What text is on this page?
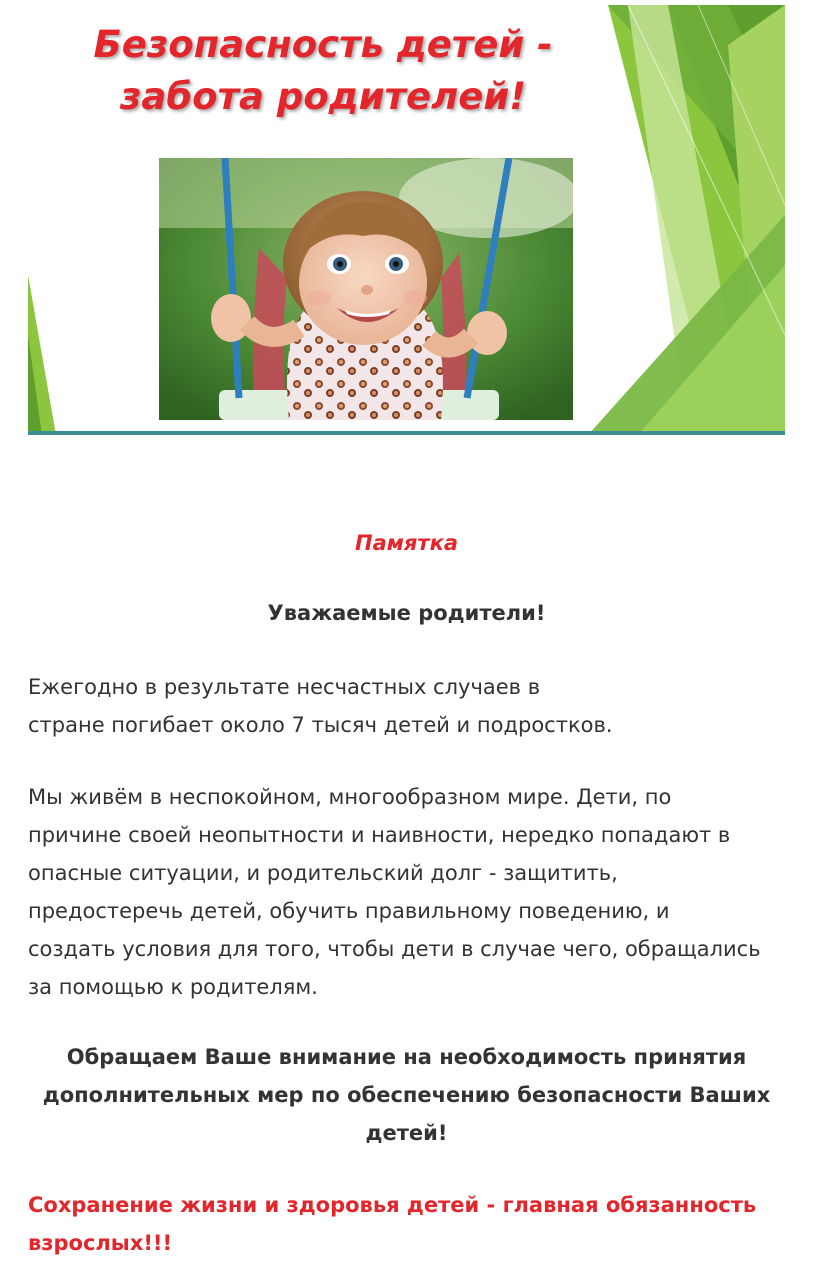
Безопасность детей -
забота родителей!
Памятка
Уважаемые родители!

Ежегодно в результате несчастных случаев в
стране погибает около 7 тысяч детей и подростков.

Мы живём в неспокойном, многообразном мире. Дети, по
причине своей неопытности и наивности, нередко попадают в
опасные ситуации, и родительский долг - защитить,
предостеречь детей, обучить правильному поведению, и
создать условия для того, чтобы дети в случае чего, обращались
за помощью к родителям.

Обращаем Ваше внимание на необходимость принятия
дополнительных мер по обеспечению безопасности Ваших
детей!

Сохранение жизни и здоровья детей - главная обязанность
взрослых!!!
